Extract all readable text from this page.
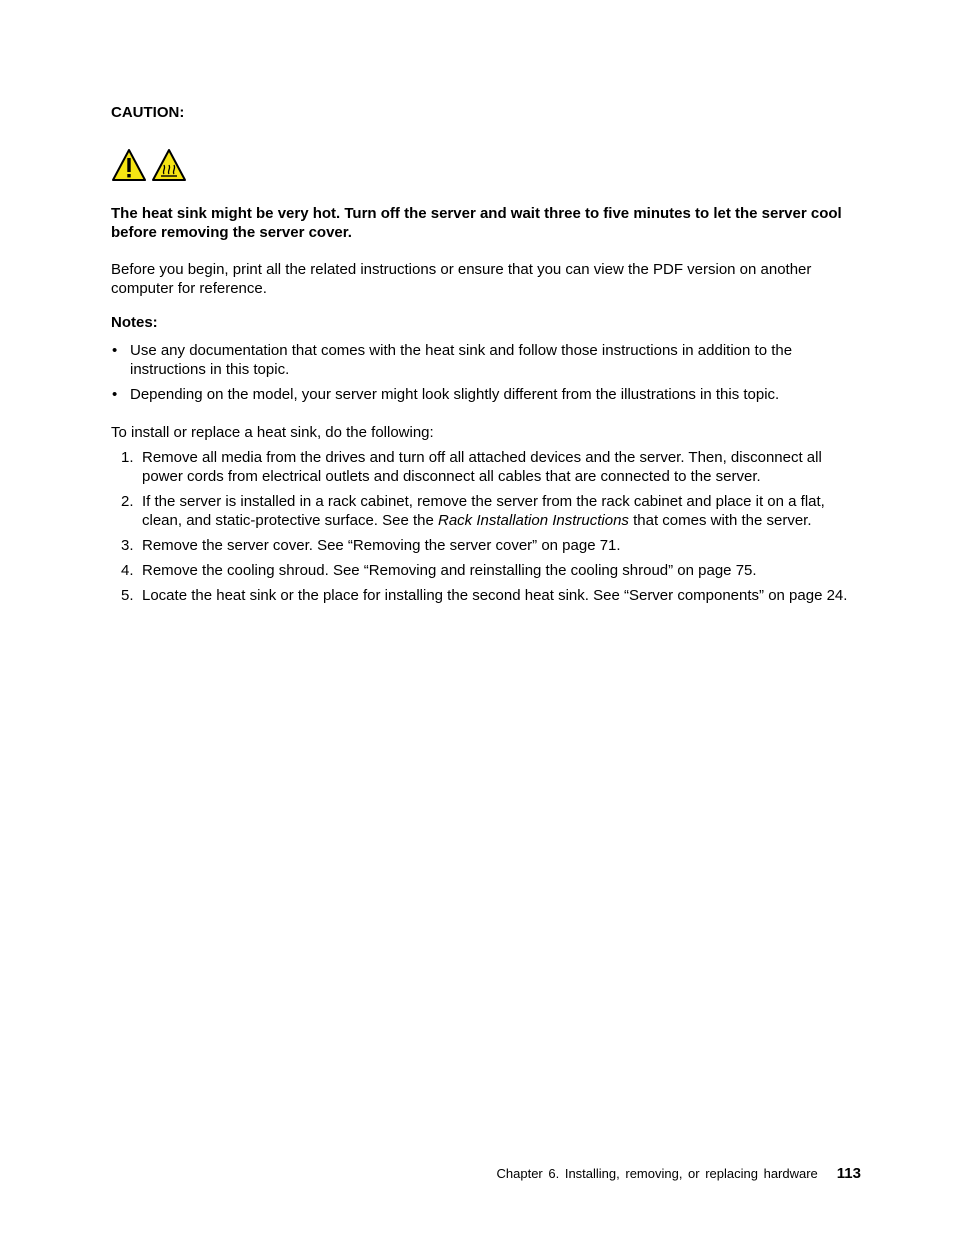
CAUTION:

The heat sink might be very hot. Turn off the server and wait three to five minutes to let the server cool before removing the server cover.

Before you begin, print all the related instructions or ensure that you can view the PDF version on another computer for reference.

Notes:

• Use any documentation that comes with the heat sink and follow those instructions in addition to the instructions in this topic.
• Depending on the model, your server might look slightly different from the illustrations in this topic.

To install or replace a heat sink, do the following:

1. Remove all media from the drives and turn off all attached devices and the server. Then, disconnect all power cords from electrical outlets and disconnect all cables that are connected to the server.
2. If the server is installed in a rack cabinet, remove the server from the rack cabinet and place it on a flat, clean, and static-protective surface. See the Rack Installation Instructions that comes with the server.
3. Remove the server cover. See “Removing the server cover” on page 71.
4. Remove the cooling shroud. See “Removing and reinstalling the cooling shroud” on page 75.
5. Locate the heat sink or the place for installing the second heat sink. See “Server components” on page 24.
Chapter 6. Installing, removing, or replacing hardware 113
